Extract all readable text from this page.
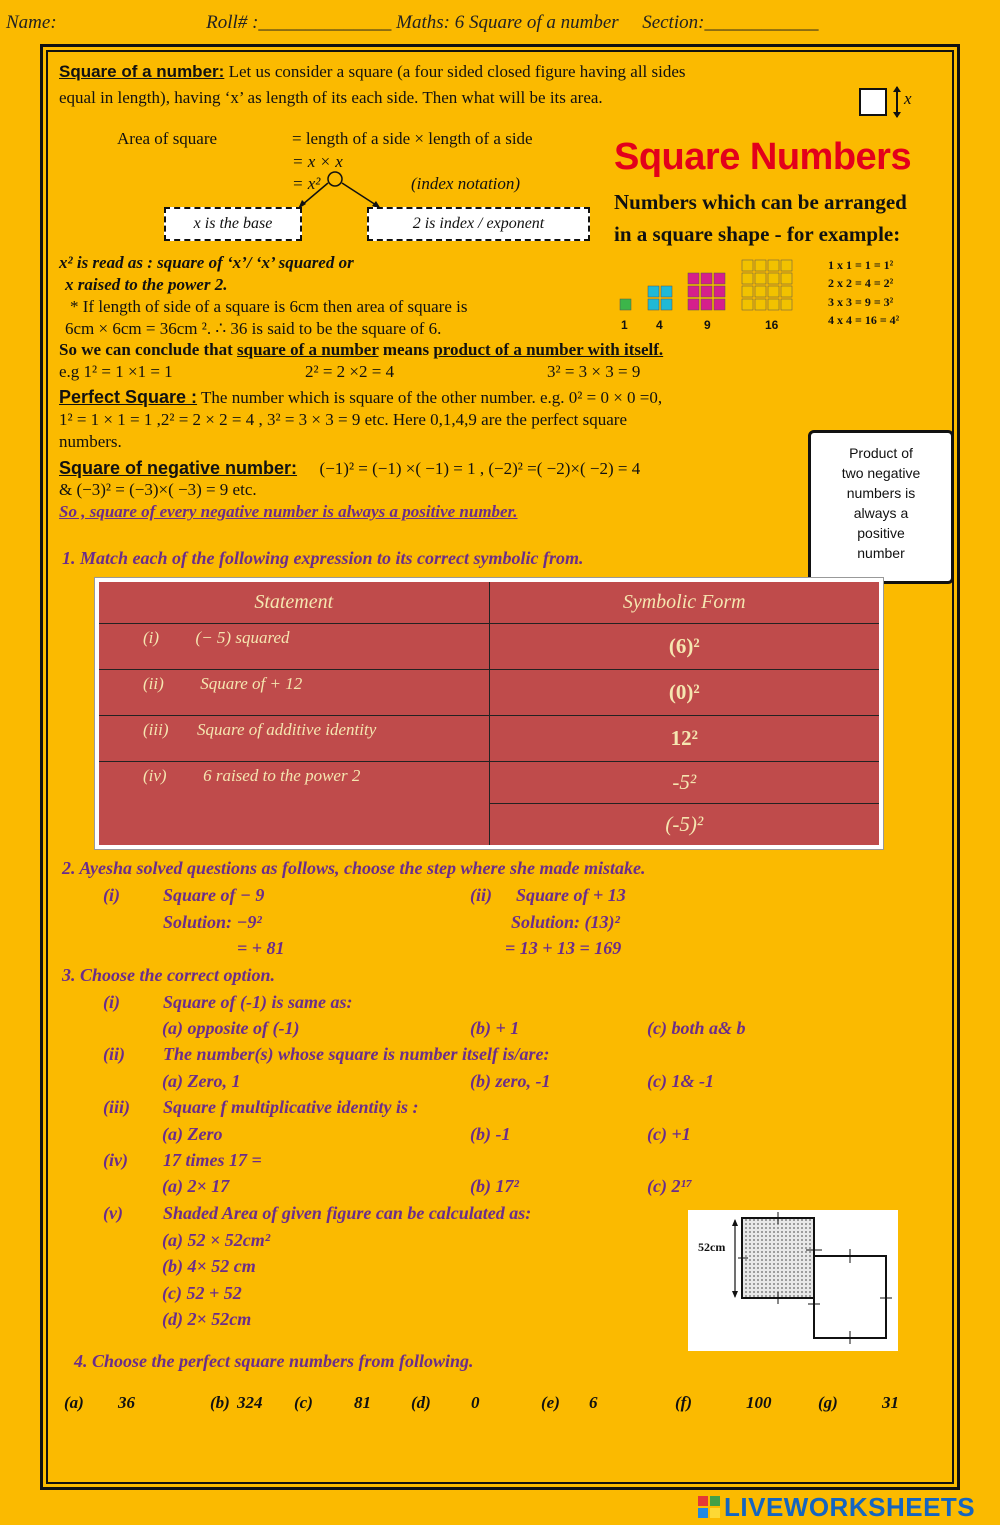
Name:	Roll# :______________ Maths: 6 Square of a number Section:____________
Square of a number: Let us consider a square (a four sided closed figure having all sides
equal in length), having ‘x’ as length of its each side. Then what will be its area.	x
Area of square	= length of a side × length of a side
= x × x
= x²	(index notation)
x is the base	2 is index / exponent
Square Numbers
Numbers which can be arranged
in a square shape - for example:
1 4	9	16
1 x 1 = 1 = 1²
2 x 2 = 4 = 2²
3 x 3 = 9 = 3²
4 x 4 = 16 = 4²
x² is read as : square of ‘x’/ ‘x’ squared or
x raised to the power 2.
* If length of side of a square is 6cm then area of square is
6cm × 6cm = 36cm ². ∴ 36 is said to be the square of 6.
So we can conclude that square of a number means product of a number with itself.
e.g 1² = 1 ×1 = 1	2² = 2 ×2 = 4	3² = 3 × 3 = 9
Perfect Square : The number which is square of the other number. e.g. 0² = 0 × 0 =0,
1² = 1 × 1 = 1 ,2² = 2 × 2 = 4 , 3² = 3 × 3 = 9 etc. Here 0,1,4,9 are the perfect square
numbers.
Square of negative number: (−1)² = (−1) ×( −1) = 1 , (−2)² =( −2)×( −2) = 4
& (−3)² = (−3)×( −3) = 9 etc.
So , square of every negative number is always a positive number.
Product of
two negative
numbers is
always a
positive
number
1. Match each of the following expression to its correct symbolic from.
Statement	Symbolic Form
(i) (− 5) squared	(6)²
(ii) Square of + 12	(0)²
(iii) Square of additive identity	12²
(iv) 6 raised to the power 2	-5²
	(-5)²
2. Ayesha solved questions as follows, choose the step where she made mistake.
(i) Square of − 9
Solution: −9²
= + 81
(ii) Square of + 13
Solution: (13)²
= 13 + 13 = 169
3. Choose the correct option.
(i) Square of (-1) is same as:
(a) opposite of (-1)	(b) + 1	(c) both a& b
(ii) The number(s) whose square is number itself is/are:
(a) Zero, 1	(b) zero, -1	(c) 1& -1
(iii) Square f multiplicative identity is :
(a) Zero	(b) -1	(c) +1
(iv) 17 times 17 =
(a) 2× 17	(b) 17²	(c) 2¹⁷
(v) Shaded Area of given figure can be calculated as:
(a) 52 × 52cm²
(b) 4× 52 cm
(c) 52 + 52
(d) 2× 52cm
52cm
4. Choose the perfect square numbers from following.
(a) 36	(b) 324 (c) 81 (d) 0	(e) 6	(f)	100	(g)	31
LIVEWORKSHEETS
